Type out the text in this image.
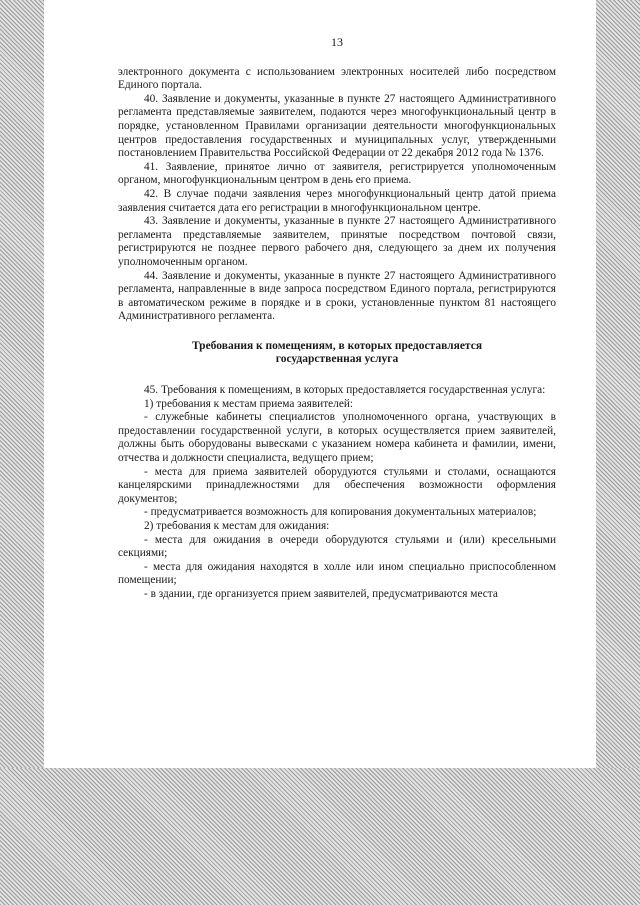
13

электронного документа с использованием электронных носителей либо посредством Единого портала.

40. Заявление и документы, указанные в пункте 27 настоящего Административного регламента представляемые заявителем, подаются через многофункциональный центр в порядке, установленном Правилами организации деятельности многофункциональных центров предоставления государственных и муниципальных услуг, утвержденными постановлением Правительства Российской Федерации от 22 декабря 2012 года № 1376.

41. Заявление, принятое лично от заявителя, регистрируется уполномоченным органом, многофункциональным центром в день его приема.

42. В случае подачи заявления через многофункциональный центр датой приема заявления считается дата его регистрации в многофункциональном центре.

43. Заявление и документы, указанные в пункте 27 настоящего Административного регламента представляемые заявителем, принятые посредством почтовой связи, регистрируются не позднее первого рабочего дня, следующего за днем их получения уполномоченным органом.

44. Заявление и документы, указанные в пункте 27 настоящего Административного регламента, направленные в виде запроса посредством Единого портала, регистрируются в автоматическом режиме в порядке и в сроки, установленные пунктом 81 настоящего Административного регламента.

Требования к помещениям, в которых предоставляется
государственная услуга

45. Требования к помещениям, в которых предоставляется государственная услуга:

1) требования к местам приема заявителей:

- служебные кабинеты специалистов уполномоченного органа, участвующих в предоставлении государственной услуги, в которых осуществляется прием заявителей, должны быть оборудованы вывесками с указанием номера кабинета и фамилии, имени, отчества и должности специалиста, ведущего прием;

- места для приема заявителей оборудуются стульями и столами, оснащаются канцелярскими принадлежностями для обеспечения возможности оформления документов;

- предусматривается возможность для копирования документальных материалов;

2) требования к местам для ожидания:

- места для ожидания в очереди оборудуются стульями и (или) кресельными секциями;

- места для ожидания находятся в холле или ином специально приспособленном помещении;

- в здании, где организуется прием заявителей, предусматриваются места
